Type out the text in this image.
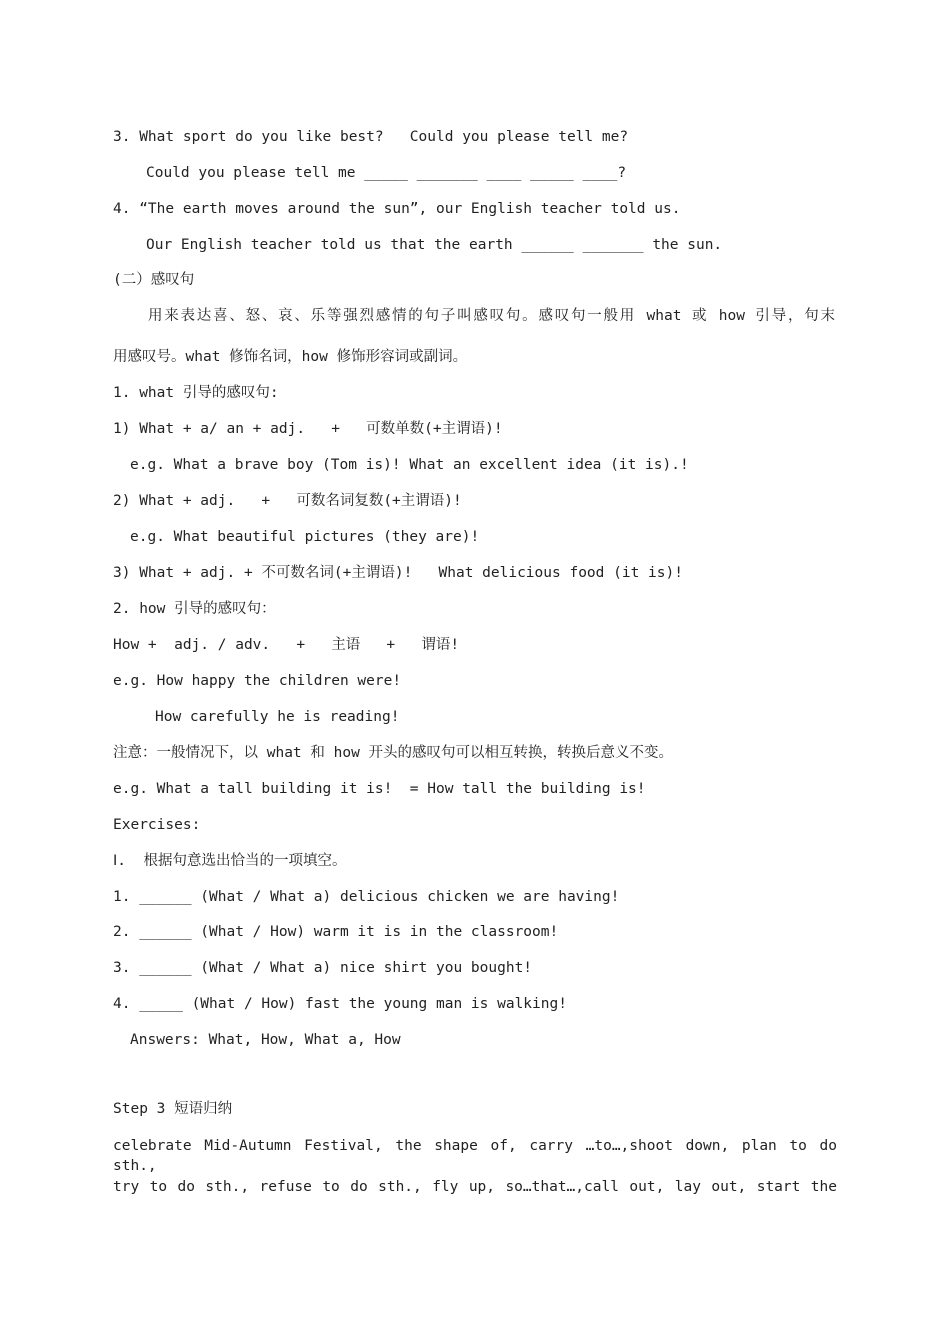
3. What sport do you like best?   Could you please tell me?
Could you please tell me _____ _______ ____ _____ ____?
4. “The earth moves around the sun”, our English teacher told us.
Our English teacher told us that the earth ______ _______ the sun.
(二）感叹句
用来表达喜、怒、哀、乐等强烈感情的句子叫感叹句。感叹句一般用 what 或 how 引导，句末
用感叹号。what 修饰名词，how 修饰形容词或副词。
1. what 引导的感叹句:
1) What + a/ an + adj.   +   可数单数(+主谓语)!
e.g. What a brave boy (Tom is)! What an excellent idea (it is).!
2) What + adj.   +   可数名词复数(+主谓语)!
e.g. What beautiful pictures (they are)!
3) What + adj. + 不可数名词(+主谓语)!   What delicious food (it is)!
2. how 引导的感叹句：
How +  adj. / adv.   +   主语   +   谓语!
e.g. How happy the children were!
How carefully he is reading!
注意：一般情况下，以 what 和 how 开头的感叹句可以相互转换，转换后意义不变。
e.g. What a tall building it is!  = How tall the building is!
Exercises:
Ⅰ.  根据句意选出恰当的一项填空。
1. ______ (What / What a) delicious chicken we are having!
2. ______ (What / How) warm it is in the classroom!
3. ______ (What / What a) nice shirt you bought!
4. _____ (What / How) fast the young man is walking!
Answers: What, How, What a, How
Step 3 短语归纳
celebrate Mid-Autumn Festival, the shape of, carry …to…,shoot down, plan to do sth.,
try to do sth., refuse to do sth., fly up, so…that…,call out, lay out, start the
